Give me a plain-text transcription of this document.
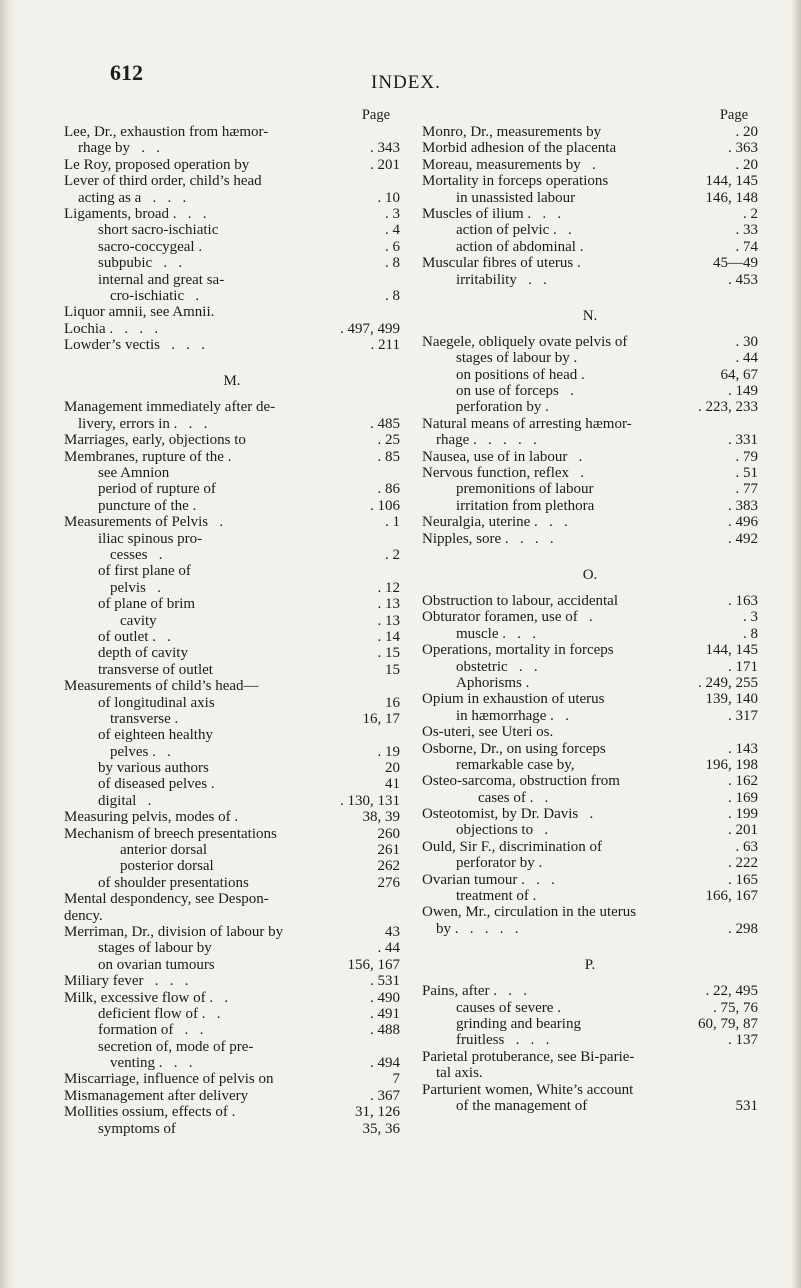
612	INDEX.
Page
Lee, Dr., exhaustion from hæmor-
rhage by   .   .	. 343
Le Roy, proposed operation by	. 201
Lever of third order, child’s head
acting as a   .   .   .	. 10
Ligaments, broad .   .   .	. 3
short sacro-ischiatic	. 4
sacro-coccygeal .	. 6
subpubic   .   .	. 8
internal and great sa-
cro-ischiatic   .	. 8
Liquor amnii, see Amnii.
Lochia .   .   .   .	. 497, 499
Lowder’s vectis   .   .   .	. 211
M.
Management immediately after de-
livery, errors in .   .   .	. 485
Marriages, early, objections to	. 25
Membranes, rupture of the .	. 85
see Amnion
period of rupture of	. 86
puncture of the .	. 106
Measurements of Pelvis   .	. 1
iliac spinous pro-
cesses   .	. 2
of first plane of
pelvis   .	. 12
of plane of brim	. 13
cavity	. 13
of outlet .   .	. 14
depth of cavity	. 15
transverse of outlet	15
Measurements of child’s head—
of longitudinal axis	16
transverse .	16, 17
of eighteen healthy
pelves .   .	. 19
by various authors	20
of diseased pelves .	41
digital   .	. 130, 131
Measuring pelvis, modes of .	38, 39
Mechanism of breech presentations	260
anterior dorsal	261
posterior dorsal	262
of shoulder presentations	276
Mental despondency, see Despon-
dency.
Merriman, Dr., division of labour by	43
stages of labour by	. 44
on ovarian tumours	156, 167
Miliary fever   .   .   .	. 531
Milk, excessive flow of .   .	. 490
deficient flow of .   .	. 491
formation of   .   .	. 488
secretion of, mode of pre-
venting .   .   .	. 494
Miscarriage, influence of pelvis on	7
Mismanagement after delivery	. 367
Mollities ossium, effects of .	31, 126
symptoms of	35, 36
Page
Monro, Dr., measurements by	. 20
Morbid adhesion of the placenta	. 363
Moreau, measurements by   .	. 20
Mortality in forceps operations	144, 145
in unassisted labour	146, 148
Muscles of ilium .   .   .	. 2
action of pelvic .   .	. 33
action of abdominal .	. 74
Muscular fibres of uterus .	45—49
irritability   .   .	. 453
N.
Naegele, obliquely ovate pelvis of	. 30
stages of labour by .	. 44
on positions of head .	64, 67
on use of forceps   .	. 149
perforation by .	. 223, 233
Natural means of arresting hæmor-
rhage .   .   .   .   .	. 331
Nausea, use of in labour   .	. 79
Nervous function, reflex   .	. 51
premonitions of labour	. 77
irritation from plethora	. 383
Neuralgia, uterine .   .   .	. 496
Nipples, sore .   .   .   .	. 492
O.
Obstruction to labour, accidental	. 163
Obturator foramen, use of   .	. 3
muscle .   .   .	. 8
Operations, mortality in forceps	144, 145
obstetric   .   .	. 171
Aphorisms .	. 249, 255
Opium in exhaustion of uterus	139, 140
in hæmorrhage .   .	. 317
Os-uteri, see Uteri os.
Osborne, Dr., on using forceps	. 143
remarkable case by,	196, 198
Osteo-sarcoma, obstruction from	. 162
cases of .   .	. 169
Osteotomist, by Dr. Davis   .	. 199
objections to   .	. 201
Ould, Sir F., discrimination of	. 63
perforator by .	. 222
Ovarian tumour .   .   .	. 165
treatment of .	166, 167
Owen, Mr., circulation in the uterus
by .   .   .   .   .	. 298
P.
Pains, after .   .   .	. 22, 495
causes of severe .	. 75, 76
grinding and bearing	60, 79, 87
fruitless   .   .   .	. 137
Parietal protuberance, see Bi-parie-
tal axis.
Parturient women, White’s account
of the management of	531
